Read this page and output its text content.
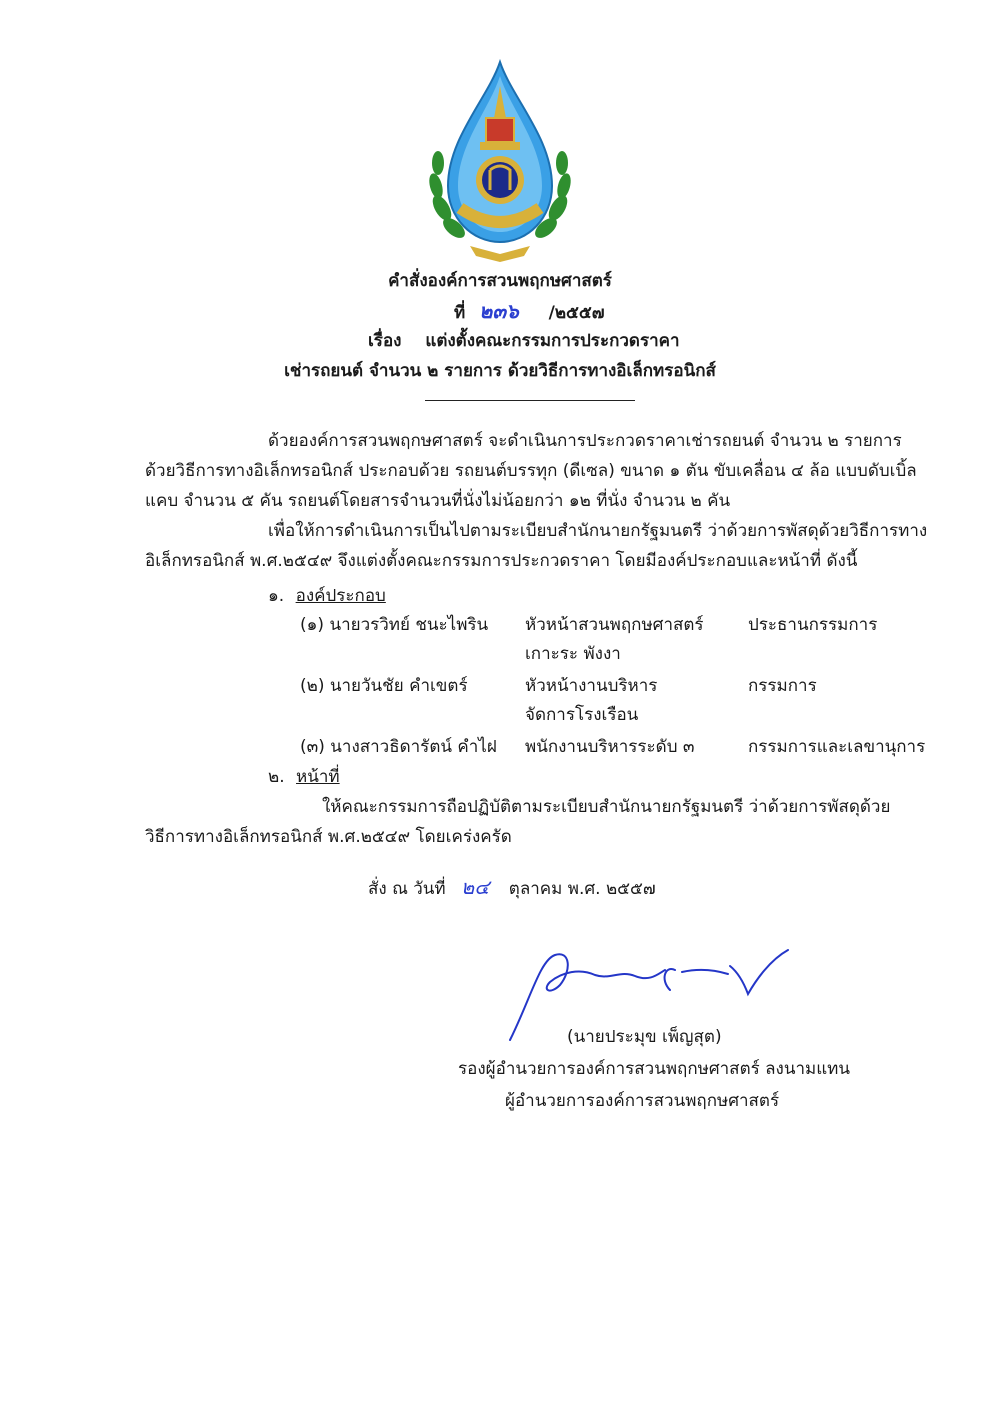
คำสั่งองค์การสวนพฤกษศาสตร์
ที่ ๒๓๖ /๒๕๕๗
เรื่อง แต่งตั้งคณะกรรมการประกวดราคา
เช่ารถยนต์ จำนวน ๒ รายการ ด้วยวิธีการทางอิเล็กทรอนิกส์
ด้วยองค์การสวนพฤกษศาสตร์ จะดำเนินการประกวดราคาเช่ารถยนต์ จำนวน ๒ รายการ
ด้วยวิธีการทางอิเล็กทรอนิกส์ ประกอบด้วย รถยนต์บรรทุก (ดีเซล) ขนาด ๑ ตัน ขับเคลื่อน ๔ ล้อ แบบดับเบิ้ล
แคบ จำนวน ๕ คัน รถยนต์โดยสารจำนวนที่นั่งไม่น้อยกว่า ๑๒ ที่นั่ง จำนวน ๒ คัน
เพื่อให้การดำเนินการเป็นไปตามระเบียบสำนักนายกรัฐมนตรี ว่าด้วยการพัสดุด้วยวิธีการทาง
อิเล็กทรอนิกส์ พ.ศ.๒๕๔๙ จึงแต่งตั้งคณะกรรมการประกวดราคา โดยมีองค์ประกอบและหน้าที่ ดังนี้
๑. องค์ประกอบ
(๑) นายวรวิทย์ ชนะไพริน หัวหน้าสวนพฤกษศาสตร์
เกาะระ พังงา
ประธานกรรมการ
(๒) นายวันชัย คำเขตร์	หัวหน้างานบริหาร
จัดการโรงเรือน
กรรมการ
(๓) นางสาวธิดารัตน์ คำไฝ พนักงานบริหารระดับ ๓	กรรมการและเลขานุการ
๒. หน้าที่
ให้คณะกรรมการถือปฏิบัติตามระเบียบสำนักนายกรัฐมนตรี ว่าด้วยการพัสดุด้วย
วิธีการทางอิเล็กทรอนิกส์ พ.ศ.๒๕๔๙ โดยเคร่งครัด
สั่ง ณ วันที่ ๒๔ ตุลาคม พ.ศ. ๒๕๕๗
(นายประมุข เพ็ญสุต)
รองผู้อำนวยการองค์การสวนพฤกษศาสตร์ ลงนามแทน
ผู้อำนวยการองค์การสวนพฤกษศาสตร์
